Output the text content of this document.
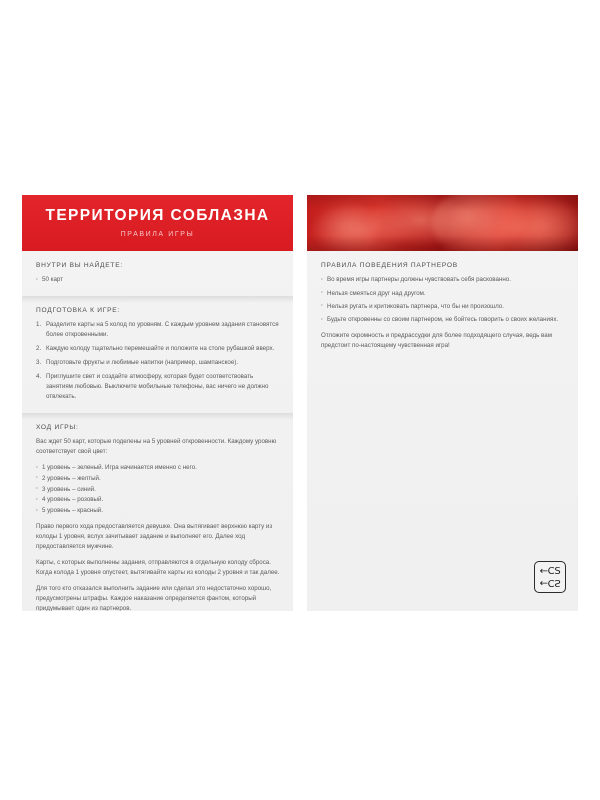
ТЕРРИТОРИЯ СОБЛАЗНА
ПРАВИЛА ИГРЫ
ВНУТРИ ВЫ НАЙДЕТЕ:
· 50 карт
ПОДГОТОВКА К ИГРЕ:
Разделите карты на 5 колод по уровням. С каждым уровнем задания становятся более откровенными.
Каждую колоду тщательно перемешайте и положите на столе рубашкой вверх.
Подготовьте фрукты и любимые напитки (например, шампанское).
Приглушите свет и создайте атмосферу, которая будет соответствовать занятиям любовью. Выключите мобильные телефоны, вас ничего не должно отвлекать.
ХОД ИГРЫ:

Вас ждет 50 карт, которые поделены на 5 уровней откровенности. Каждому уровню соответствует свой цвет:

· 1 уровень – зеленый. Игра начинается именно с него.
· 2 уровень – желтый.
· 3 уровень – синий.
· 4 уровень – розовый.
· 5 уровень – красный.

Право первого хода предоставляется девушке. Она вытягивает верхнюю карту из колоды 1 уровня, вслух зачитывает задание и выполняет его. Далее ход предоставляется мужчине.

Карты, с которых выполнены задания, отправляются в отдельную колоду сброса. Когда колода 1 уровня опустеет, вытягивайте карты из колоды 2 уровня и так далее.

Для того кто отказался выполнить задание или сделал это недостаточно хорошо, предусмотрены штрафы. Каждое наказание определяется фантом, который придумывает один из партнеров.

ПРАВИЛА ПОВЕДЕНИЯ ПАРТНЕРОВ
· Во время игры партнеры должны чувствовать себя раскованно.
· Нельзя смеяться друг над другом.
· Нельзя ругать и критиковать партнера, что бы ни произошло.
· Будьте откровенны со своим партнером, не бойтесь говорить о своих желаниях.

Отложите скромность и предрассудки для более подходящего случая, ведь вам предстоит по-настоящему чувственная игра!

←CS
←CS
